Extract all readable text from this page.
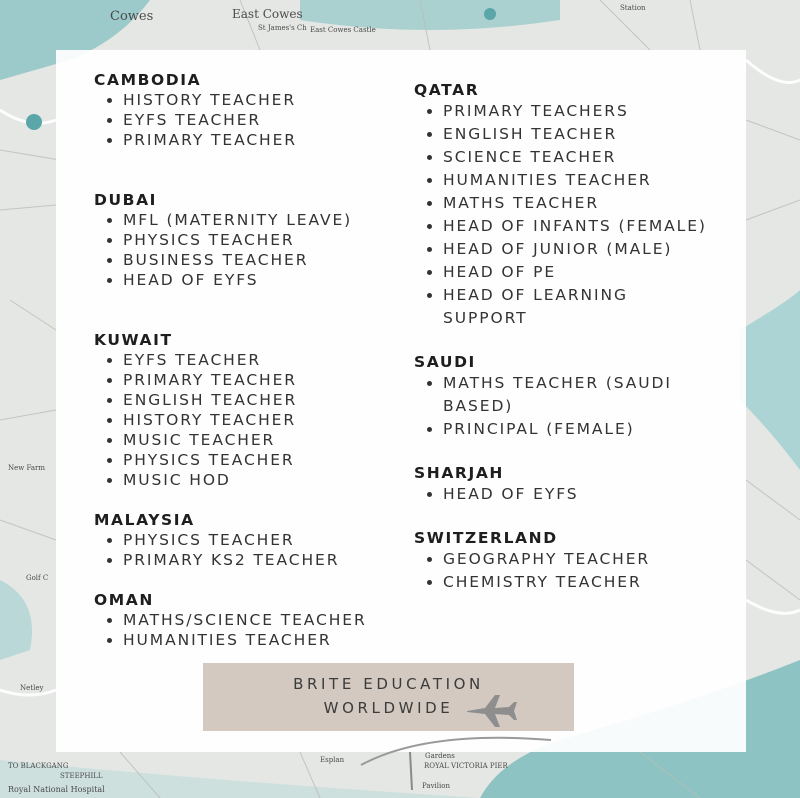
Cowes	East Cowes
St James's Ch East Cowes Castle
Station
New Farm
Golf C
Netley
TO BLACKGANG
STEEPHILL
Royal National Hospital
Esplan	Gardens
ROYAL VICTORIA PIER
Pavilion
CAMBODIA
HISTORY TEACHER
EYFS TEACHER
PRIMARY TEACHER
DUBAI
MFL (MATERNITY LEAVE)
PHYSICS TEACHER
BUSINESS TEACHER
HEAD OF EYFS
KUWAIT
EYFS TEACHER
PRIMARY TEACHER
ENGLISH TEACHER
HISTORY TEACHER
MUSIC TEACHER
PHYSICS TEACHER
MUSIC HOD
MALAYSIA
PHYSICS TEACHER
PRIMARY KS2 TEACHER
OMAN
MATHS/SCIENCE TEACHER
HUMANITIES TEACHER
QATAR
PRIMARY TEACHERS
ENGLISH TEACHER
SCIENCE TEACHER
HUMANITIES TEACHER
MATHS TEACHER
HEAD OF INFANTS (FEMALE)
HEAD OF JUNIOR (MALE)
HEAD OF PE
HEAD OF LEARNING SUPPORT
SAUDI
MATHS TEACHER (SAUDI BASED)
PRINCIPAL (FEMALE)
SHARJAH
HEAD OF EYFS
SWITZERLAND
GEOGRAPHY TEACHER
CHEMISTRY TEACHER
BRITE EDUCATION
WORLDWIDE
